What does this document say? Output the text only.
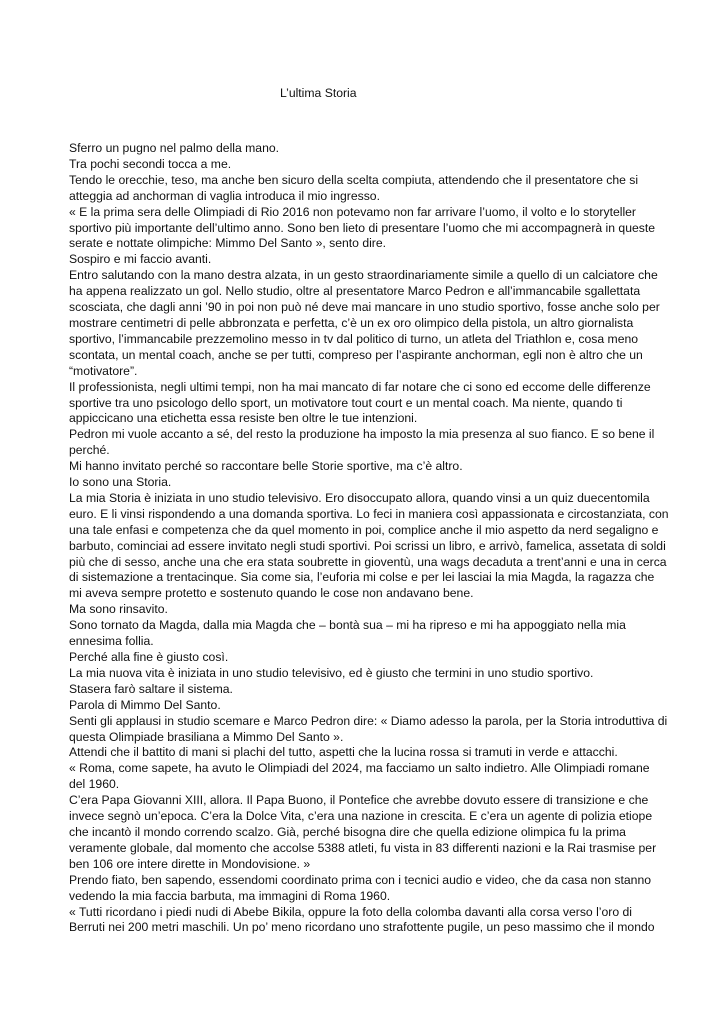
L’ultima Storia

Sferro un pugno nel palmo della mano.

Tra pochi secondi tocca a me.

Tendo le orecchie, teso, ma anche ben sicuro della scelta compiuta, attendendo che il presentatore che si atteggia ad anchorman di vaglia introduca il mio ingresso.

« E la prima sera delle Olimpiadi di Rio 2016 non potevamo non far arrivare l’uomo, il volto e lo storyteller sportivo più importante dell’ultimo anno. Sono ben lieto di presentare l’uomo che mi accompagnerà in queste serate e nottate olimpiche: Mimmo Del Santo », sento dire.

Sospiro e mi faccio avanti.

Entro salutando con la mano destra alzata, in un gesto straordinariamente simile a quello di un calciatore che ha appena realizzato un gol. Nello studio, oltre al presentatore Marco Pedron e all’immancabile sgallettata scosciata, che dagli anni ’90 in poi non può né deve mai mancare in uno studio sportivo, fosse anche solo per mostrare centimetri di pelle abbronzata e perfetta, c’è un ex oro olimpico della pistola, un altro giornalista sportivo, l’immancabile prezzemolino messo in tv dal politico di turno, un atleta del Triathlon e, cosa meno scontata, un mental coach, anche se per tutti, compreso per l’aspirante anchorman, egli non è altro che un “motivatore”.

Il professionista, negli ultimi tempi, non ha mai mancato di far notare che ci sono ed eccome delle differenze sportive tra uno psicologo dello sport, un motivatore tout court e un mental coach. Ma niente, quando ti appiccicano una etichetta essa resiste ben oltre le tue intenzioni.

Pedron mi vuole accanto a sé, del resto la produzione ha imposto la mia presenza al suo fianco. E so bene il perché.

Mi hanno invitato perché so raccontare belle Storie sportive, ma c’è altro.

Io sono una Storia.

La mia Storia è iniziata in uno studio televisivo. Ero disoccupato allora, quando vinsi a un quiz duecentomila euro. E li vinsi rispondendo a una domanda sportiva. Lo feci in maniera così appassionata e circostanziata, con una tale enfasi e competenza che da quel momento in poi, complice anche il mio aspetto da nerd segaligno e barbuto, cominciai ad essere invitato negli studi sportivi. Poi scrissi un libro, e arrivò, famelica, assetata di soldi più che di sesso, anche una che era stata soubrette in gioventù, una wags decaduta a trent’anni e una in cerca di sistemazione a trentacinque. Sia come sia, l’euforia mi colse e per lei lasciai la mia Magda, la ragazza che mi aveva sempre protetto e sostenuto quando le cose non andavano bene.

Ma sono rinsavito.

Sono tornato da Magda, dalla mia Magda che – bontà sua – mi ha ripreso e mi ha appoggiato nella mia ennesima follia.

Perché alla fine è giusto così.

La mia nuova vita è iniziata in uno studio televisivo, ed è giusto che termini in uno studio sportivo.

Stasera farò saltare il sistema.

Parola di Mimmo Del Santo.

Senti gli applausi in studio scemare e Marco Pedron dire: « Diamo adesso la parola, per la Storia introduttiva di questa Olimpiade brasiliana a Mimmo Del Santo ».

Attendi che il battito di mani si plachi del tutto, aspetti che la lucina rossa si tramuti in verde e attacchi.

« Roma, come sapete, ha avuto le Olimpiadi del 2024, ma facciamo un salto indietro. Alle Olimpiadi romane del 1960.

C’era Papa Giovanni XIII, allora. Il Papa Buono, il Pontefice che avrebbe dovuto essere di transizione e che invece segnò un’epoca. C’era la Dolce Vita, c’era una nazione in crescita. E c’era un agente di polizia etiope che incantò il mondo correndo scalzo. Già, perché bisogna dire che quella edizione olimpica fu la prima veramente globale, dal momento che accolse 5388 atleti, fu vista in 83 differenti nazioni e la Rai trasmise per ben 106 ore intere dirette in Mondovisione. »

Prendo fiato, ben sapendo, essendomi coordinato prima con i tecnici audio e video, che da casa non stanno vedendo la mia faccia barbuta, ma immagini di Roma 1960.

« Tutti ricordano i piedi nudi di Abebe Bikila, oppure la foto della colomba davanti alla corsa verso l’oro di Berruti nei 200 metri maschili. Un po’ meno ricordano uno strafottente pugile, un peso massimo che il mondo
